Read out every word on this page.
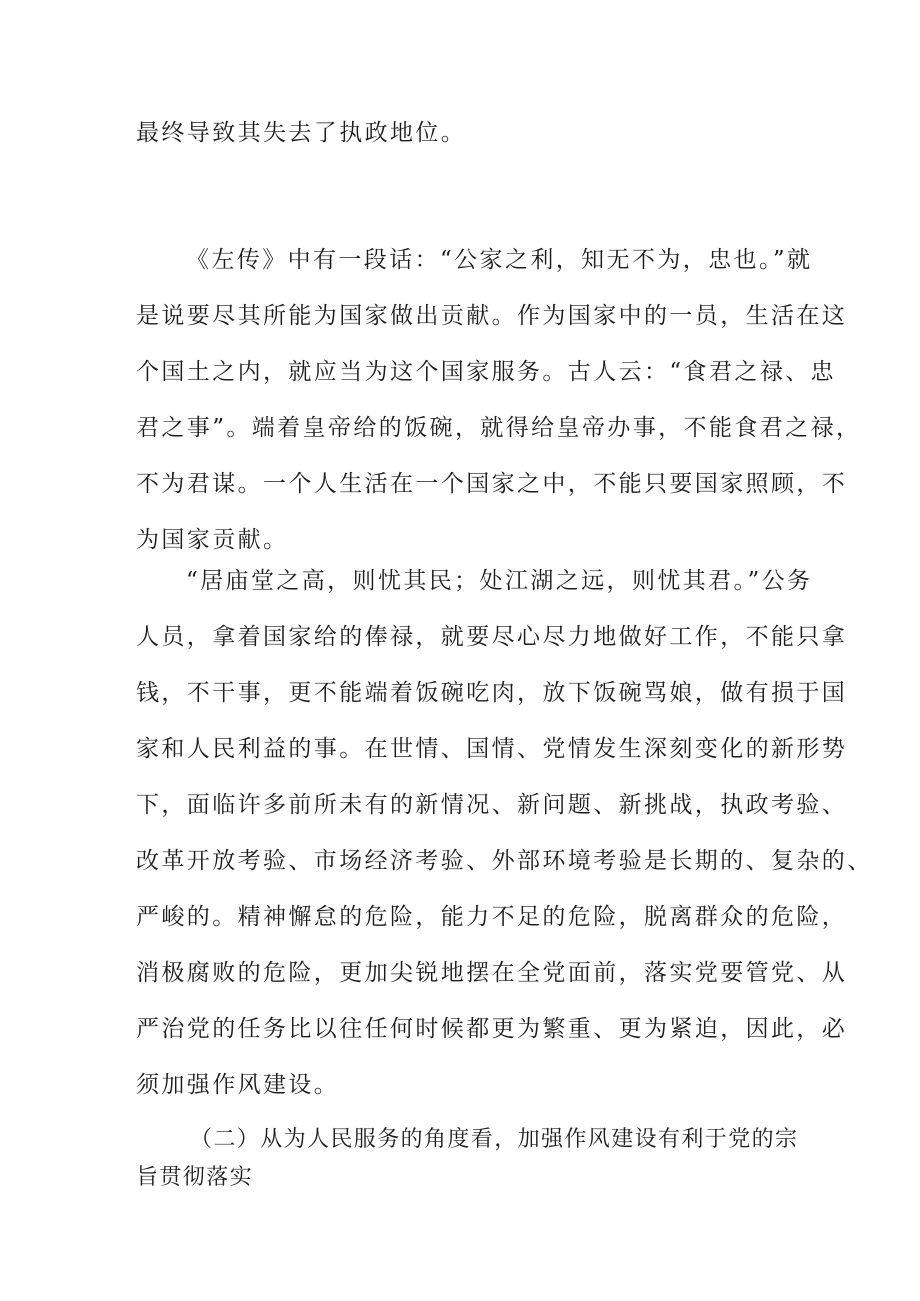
最终导致其失去了执政地位。
《左传》中有一段话：“公家之利，知无不为，忠也。”就
是说要尽其所能为国家做出贡献。作为国家中的一员，生活在这
个国土之内，就应当为这个国家服务。古人云：“食君之禄、忠
君之事”。端着皇帝给的饭碗，就得给皇帝办事，不能食君之禄，
不为君谋。一个人生活在一个国家之中，不能只要国家照顾，不
为国家贡献。
“居庙堂之高，则忧其民；处江湖之远，则忧其君。”公务
人员，拿着国家给的俸禄，就要尽心尽力地做好工作，不能只拿
钱，不干事，更不能端着饭碗吃肉，放下饭碗骂娘，做有损于国
家和人民利益的事。在世情、国情、党情发生深刻变化的新形势
下，面临许多前所未有的新情况、新问题、新挑战，执政考验、
改革开放考验、市场经济考验、外部环境考验是长期的、复杂的、
严峻的。精神懈怠的危险，能力不足的危险，脱离群众的危险，
消极腐败的危险，更加尖锐地摆在全党面前，落实党要管党、从
严治党的任务比以往任何时候都更为繁重、更为紧迫，因此，必
须加强作风建设。
（二）从为人民服务的角度看，加强作风建设有利于党的宗
旨贯彻落实
